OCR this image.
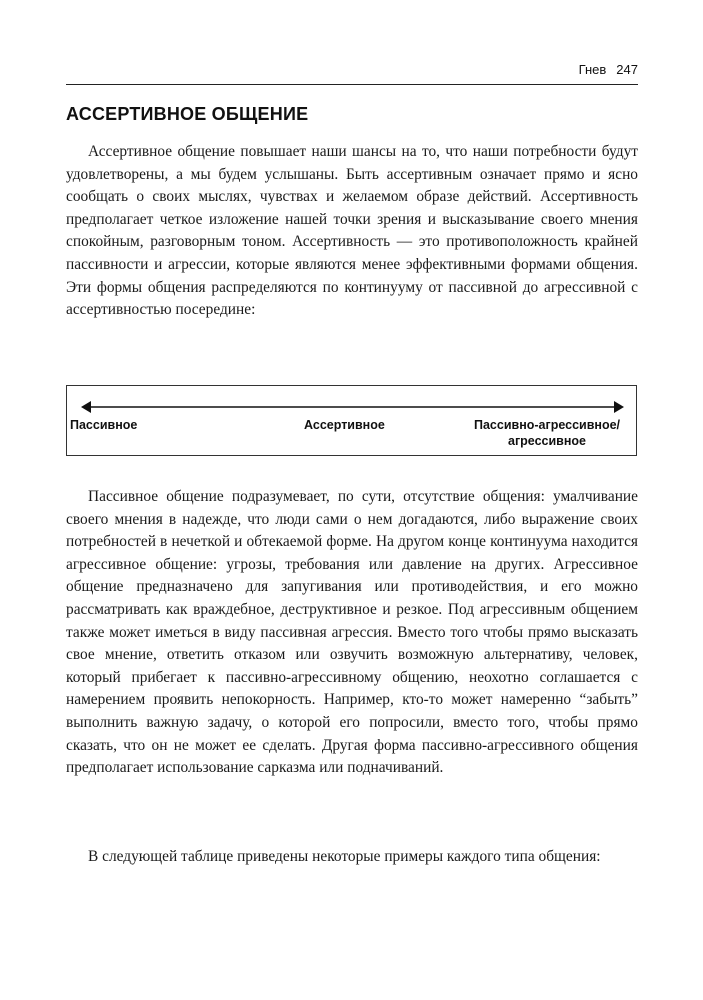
Гнев 247
АССЕРТИВНОЕ ОБЩЕНИЕ

Ассертивное общение повышает наши шансы на то, что наши потребности будут удовлетворены, а мы будем услышаны. Быть ассертивным означает прямо и ясно сообщать о своих мыслях, чувствах и желаемом образе действий. Ассертивность предполагает четкое изложение нашей точки зрения и высказывание своего мнения спокойным, разговорным тоном. Ассертивность — это противоположность крайней пассивности и агрессии, которые являются менее эффективными формами общения. Эти формы общения распределяются по континууму от пассивной до агрессивной с ассертивностью посередине:

Пассивное	Ассертивное	Пассивно-агрессивное/
агрессивное

Пассивное общение подразумевает, по сути, отсутствие общения: умалчивание своего мнения в надежде, что люди сами о нем догадаются, либо выражение своих потребностей в нечеткой и обтекаемой форме. На другом конце континуума находится агрессивное общение: угрозы, требования или давление на других. Агрессивное общение предназначено для запугивания или противодействия, и его можно рассматривать как враждебное, деструктивное и резкое. Под агрессивным общением также может иметься в виду пассивная агрессия. Вместо того чтобы прямо высказать свое мнение, ответить отказом или озвучить возможную альтернативу, человек, который прибегает к пассивно-агрессивному общению, неохотно соглашается с намерением проявить непокорность. Например, кто-то может намеренно “забыть” выполнить важную задачу, о которой его попросили, вместо того, чтобы прямо сказать, что он не может ее сделать. Другая форма пассивно-агрессивного общения предполагает использование сарказма или подначиваний.

В следующей таблице приведены некоторые примеры каждого типа общения:
